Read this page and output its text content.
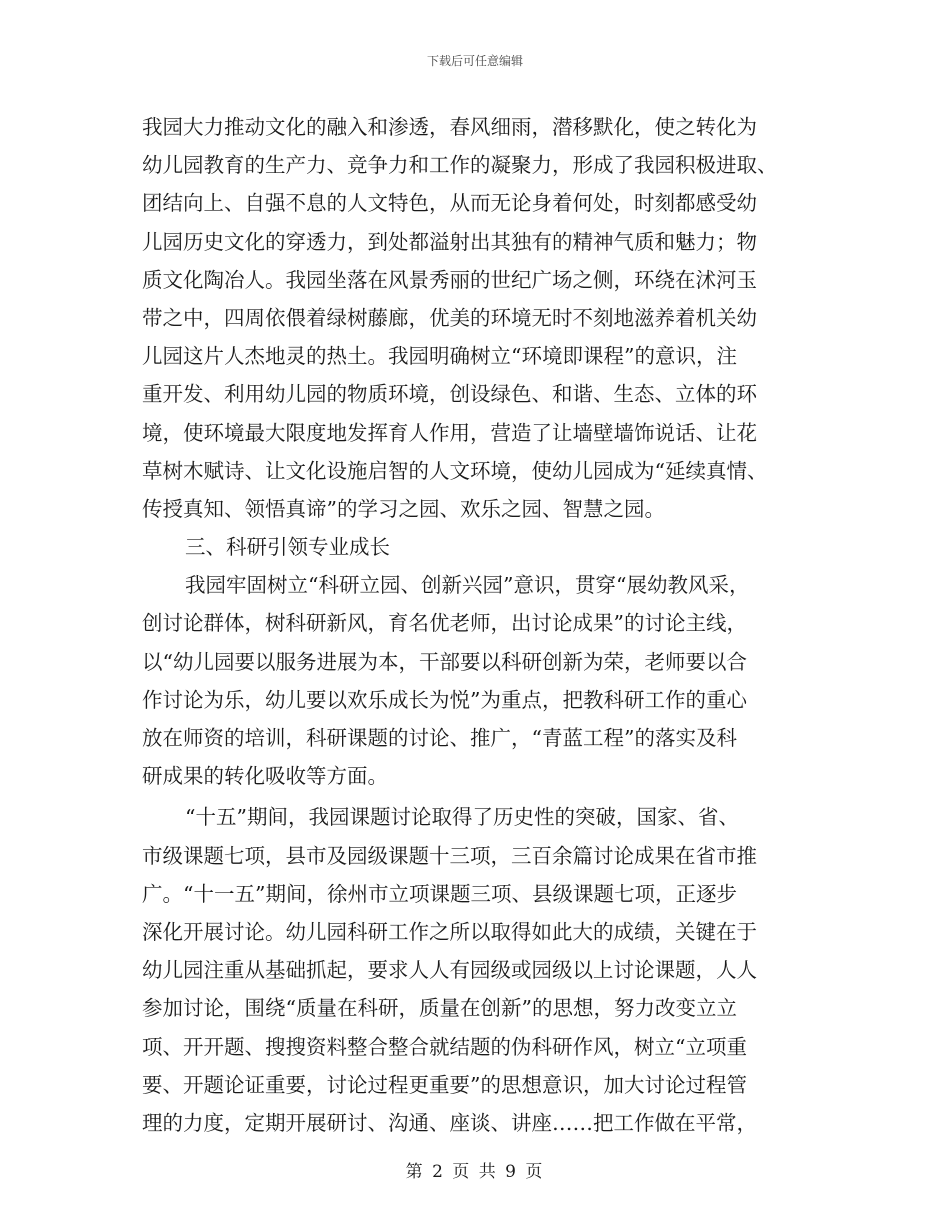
下载后可任意编辑
我园大力推动文化的融入和渗透，春风细雨，潜移默化，使之转化为
幼儿园教育的生产力、竞争力和工作的凝聚力，形成了我园积极进取、
团结向上、自强不息的人文特色，从而无论身着何处，时刻都感受幼
儿园历史文化的穿透力，到处都溢射出其独有的精神气质和魅力；物
质文化陶冶人。我园坐落在风景秀丽的世纪广场之侧，环绕在沭河玉
带之中，四周依偎着绿树藤廊，优美的环境无时不刻地滋养着机关幼
儿园这片人杰地灵的热土。我园明确树立“环境即课程”的意识，注
重开发、利用幼儿园的物质环境，创设绿色、和谐、生态、立体的环
境，使环境最大限度地发挥育人作用，营造了让墙壁墙饰说话、让花
草树木赋诗、让文化设施启智的人文环境，使幼儿园成为“延续真情、
传授真知、领悟真谛”的学习之园、欢乐之园、智慧之园。
三、科研引领专业成长
我园牢固树立“科研立园、创新兴园”意识，贯穿“展幼教风采，
创讨论群体，树科研新风，育名优老师，出讨论成果”的讨论主线，
以“幼儿园要以服务进展为本，干部要以科研创新为荣，老师要以合
作讨论为乐，幼儿要以欢乐成长为悦”为重点，把教科研工作的重心
放在师资的培训，科研课题的讨论、推广，“青蓝工程”的落实及科
研成果的转化吸收等方面。
“十五”期间，我园课题讨论取得了历史性的突破，国家、省、
市级课题七项，县市及园级课题十三项，三百余篇讨论成果在省市推
广。“十一五”期间，徐州市立项课题三项、县级课题七项，正逐步
深化开展讨论。幼儿园科研工作之所以取得如此大的成绩，关键在于
幼儿园注重从基础抓起，要求人人有园级或园级以上讨论课题，人人
参加讨论，围绕“质量在科研，质量在创新”的思想，努力改变立立
项、开开题、搜搜资料整合整合就结题的伪科研作风，树立“立项重
要、开题论证重要，讨论过程更重要”的思想意识，加大讨论过程管
理的力度，定期开展研讨、沟通、座谈、讲座……把工作做在平常，
第 2 页 共 9 页
